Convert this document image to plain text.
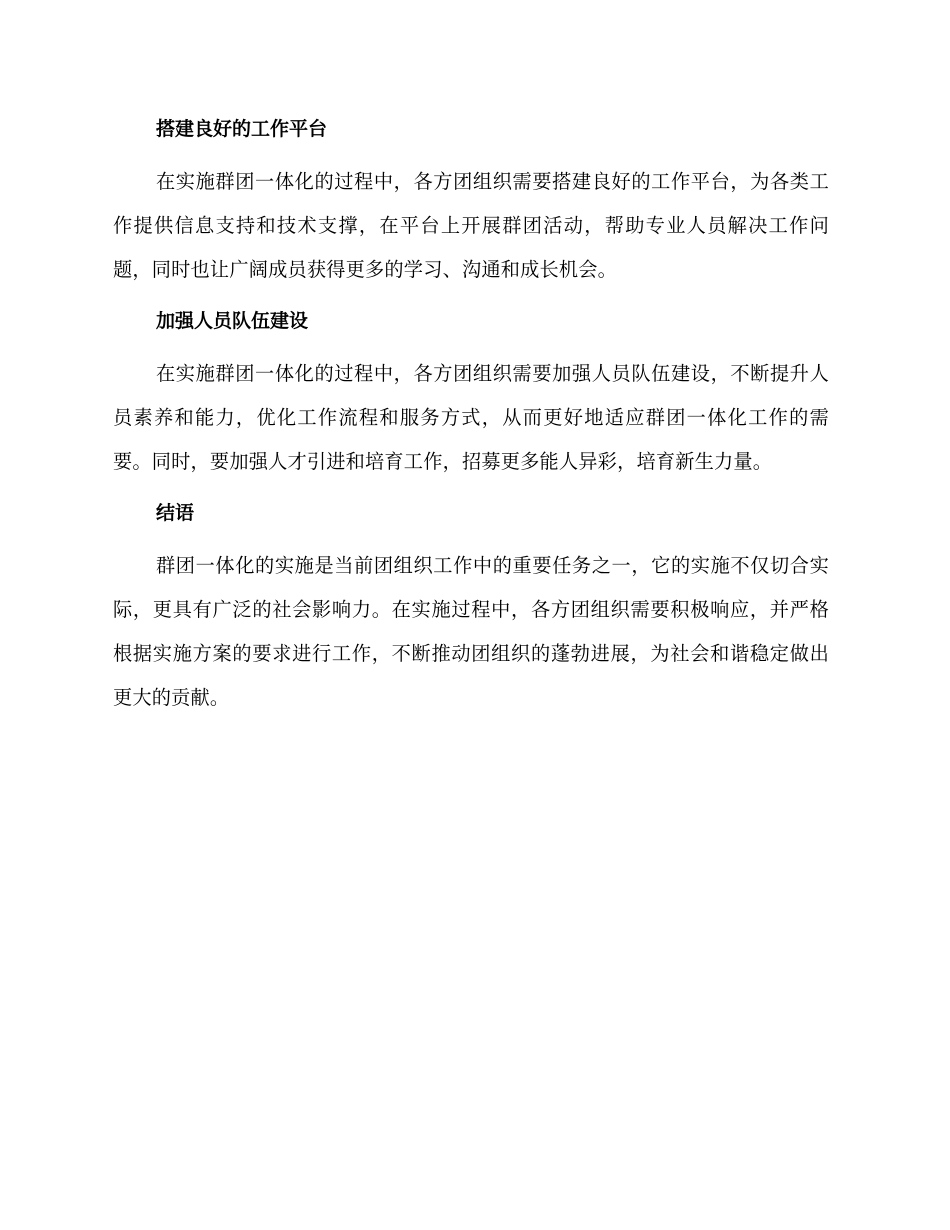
搭建良好的工作平台

在实施群团一体化的过程中，各方团组织需要搭建良好的工作平台，为各类工作提供信息支持和技术支撑，在平台上开展群团活动，帮助专业人员解决工作问题，同时也让广阔成员获得更多的学习、沟通和成长机会。

加强人员队伍建设

在实施群团一体化的过程中，各方团组织需要加强人员队伍建设，不断提升人员素养和能力，优化工作流程和服务方式，从而更好地适应群团一体化工作的需要。同时，要加强人才引进和培育工作，招募更多能人异彩，培育新生力量。

结语

群团一体化的实施是当前团组织工作中的重要任务之一，它的实施不仅切合实际，更具有广泛的社会影响力。在实施过程中，各方团组织需要积极响应，并严格根据实施方案的要求进行工作，不断推动团组织的蓬勃进展，为社会和谐稳定做出更大的贡献。
